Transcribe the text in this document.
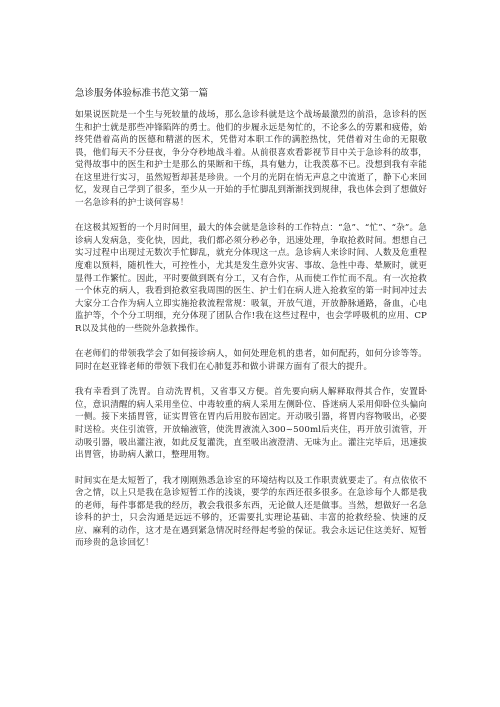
急诊服务体验标准书范文第一篇

如果说医院是一个生与死较量的战场，那么急诊科就是这个战场最激烈的前沿，急诊科的医生和护士就是那些冲锋陷阵的勇士。他们的步履永远是匆忙的，不论多么的劳累和疲倦，始终凭借着高尚的医德和精湛的医术，凭借对本职工作的满腔热忱，凭借着对生命的无限敬畏，他们每天不分昼夜，争分夺秒地战斗着。从前很喜欢看影视节目中关于急诊科的故事，觉得故事中的医生和护士是那么的果断和干练，具有魅力，让我羡慕不已。没想到我有幸能在这里进行实习，虽然短暂却甚是珍贵。一个月的光阴在悄无声息之中流逝了，静下心来回忆，发现自己学到了很多，至少从一开始的手忙脚乱到渐渐找到规律，我也体会到了想做好一名急诊科的护士谈何容易！

在这极其短暂的一个月时间里，最大的体会就是急诊科的工作特点：“急”、“忙”、“杂”。急诊病人发病急，变化快，因此，我们都必须分秒必争，迅速处理，争取抢救时间。想想自己实习过程中出现过无数次手忙脚乱，就充分体现这一点。急诊病人来诊时间、人数及危重程度难以预料，随机性大，可控性小，尤其是发生意外灾害、事故、急性中毒、晕厥时，就更显得工作繁忙。因此，平时要做到既有分工，又有合作，从而使工作忙而不乱。有一次抢救一个休克的病人，我看到抢救室我周围的医生、护士们在病人进入抢救室的第一时间冲过去大家分工合作为病人立即实施抢救流程常规：吸氧，开放气道，开放静脉通路，备血，心电监护等，个个分工明细，充分体现了团队合作!我在这些过程中，也会学呼吸机的应用、CPR以及其他的一些院外急救操作。

在老师们的带领我学会了如何接诊病人，如何处理危机的患者，如何配药，如何分诊等等。同时在赵亚锋老师的带领下我们在心肺复苏和做小讲课方面有了很大的提升。

我有幸看到了洗胃。自动洗胃机，又省事又方便。首先要向病人解释取得其合作，安置卧位，意识清醒的病人采用坐位、中毒较重的病人采用左侧卧位、昏迷病人采用仰卧位头偏向一侧。接下来插胃管，证实胃管在胃内后用胶布固定。开动吸引器，将胃内容物吸出，必要时送检。夹住引流管，开放输液管，使洗胃液流入300~500ml后夹住，再开放引流管，开动吸引器，吸出灌注液，如此反复灌洗，直至吸出液澄清、无味为止。灌注完毕后，迅速拔出胃管，协助病人漱口，整理用物。

时间实在是太短暂了，我才刚刚熟悉急诊室的环境结构以及工作职责就要走了。有点依依不舍之情，以上只是我在急诊短暂工作的浅谈，要学的东西还很多很多。在急诊每个人都是我的老师，每件事都是我的经历，教会我很多东西，无论做人还是做事。当然，想做好一名急诊科的护士，只会沟通是远远不够的，还需要扎实理论基础、丰富的抢救经验、快速的反应、麻利的动作，这才是在遇到紧急情况时经得起考验的保证。我会永远记住这美好、短暂而珍贵的急诊回忆！
